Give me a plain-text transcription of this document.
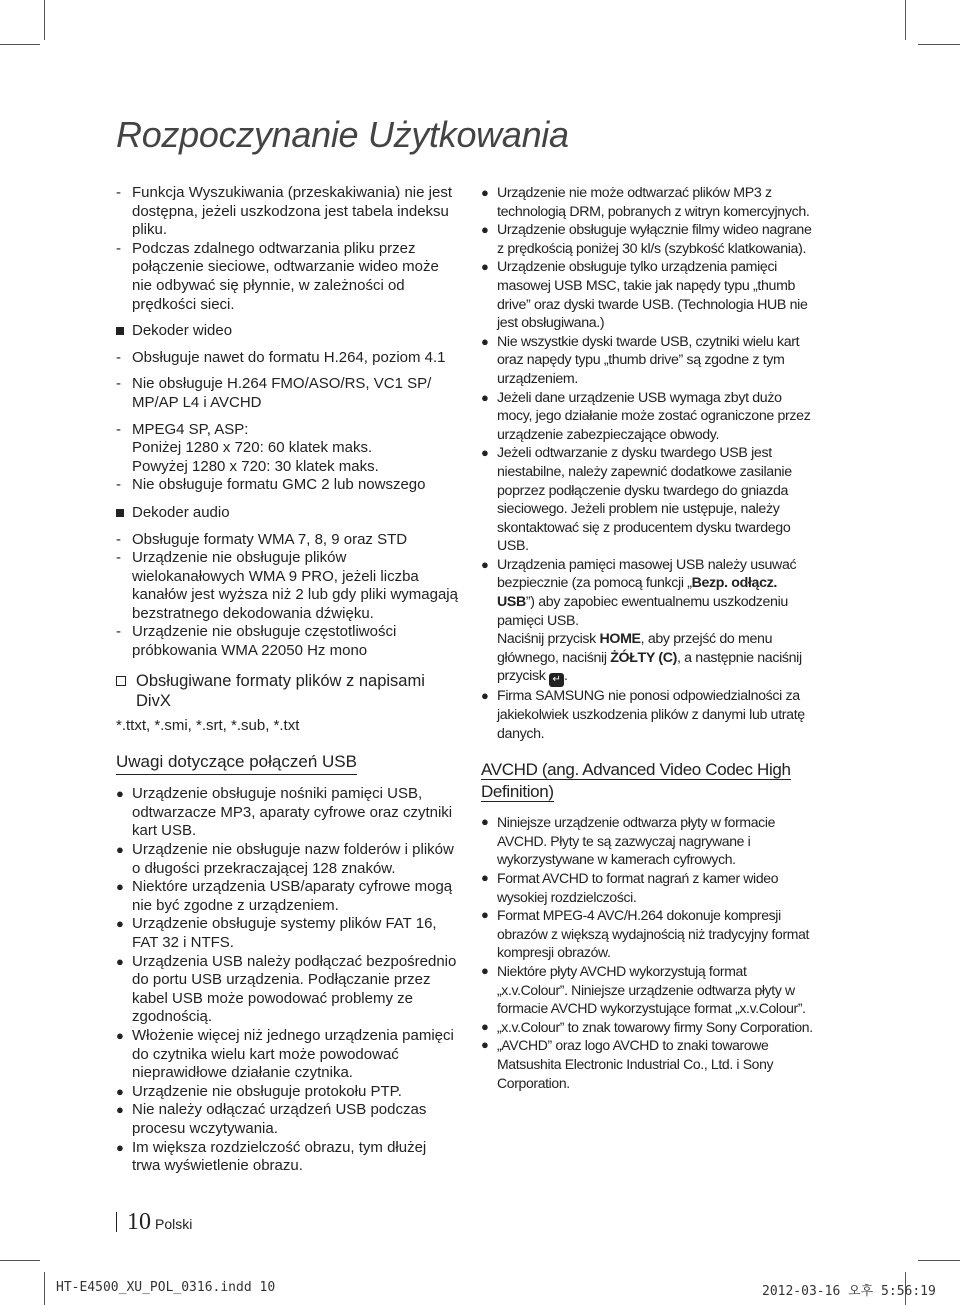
Rozpoczynanie Użytkowania
- Funkcja Wyszukiwania (przeskakiwania) nie jest dostępna, jeżeli uszkodzona jest tabela indeksu pliku.
- Podczas zdalnego odtwarzania pliku przez połączenie sieciowe, odtwarzanie wideo może nie odbywać się płynnie, w zależności od prędkości sieci.
Dekoder wideo
- Obsługuje nawet do formatu H.264, poziom 4.1
- Nie obsługuje H.264 FMO/ASO/RS, VC1 SP/ MP/AP L4 i AVCHD
- MPEG4 SP, ASP:
Poniżej 1280 x 720: 60 klatek maks.
Powyżej 1280 x 720: 30 klatek maks.
- Nie obsługuje formatu GMC 2 lub nowszego
Dekoder audio
- Obsługuje formaty WMA 7, 8, 9 oraz STD
- Urządzenie nie obsługuje plików wielokanałowych WMA 9 PRO, jeżeli liczba kanałów jest wyższa niż 2 lub gdy pliki wymagają bezstratnego dekodowania dźwięku.
- Urządzenie nie obsługuje częstotliwości próbkowania WMA 22050 Hz mono
Obsługiwane formaty plików z napisami DivX
*.ttxt, *.smi, *.srt, *.sub, *.txt
Uwagi dotyczące połączeń USB
● Urządzenie obsługuje nośniki pamięci USB, odtwarzacze MP3, aparaty cyfrowe oraz czytniki kart USB.
● Urządzenie nie obsługuje nazw folderów i plików o długości przekraczającej 128 znaków.
● Niektóre urządzenia USB/aparaty cyfrowe mogą nie być zgodne z urządzeniem.
● Urządzenie obsługuje systemy plików FAT 16, FAT 32 i NTFS.
● Urządzenia USB należy podłączać bezpośrednio do portu USB urządzenia. Podłączanie przez kabel USB może powodować problemy ze zgodnością.
● Włożenie więcej niż jednego urządzenia pamięci do czytnika wielu kart może powodować nieprawidłowe działanie czytnika.
● Urządzenie nie obsługuje protokołu PTP.
● Nie należy odłączać urządzeń USB podczas procesu wczytywania.
● Im większa rozdzielczość obrazu, tym dłużej trwa wyświetlenie obrazu.
● Urządzenie nie może odtwarzać plików MP3 z technologią DRM, pobranych z witryn komercyjnych.
● Urządzenie obsługuje wyłącznie filmy wideo nagrane z prędkością poniżej 30 kl/s (szybkość klatkowania).
● Urządzenie obsługuje tylko urządzenia pamięci masowej USB MSC, takie jak napędy typu „thumb drive” oraz dyski twarde USB. (Technologia HUB nie jest obsługiwana.)
● Nie wszystkie dyski twarde USB, czytniki wielu kart oraz napędy typu „thumb drive” są zgodne z tym urządzeniem.
● Jeżeli dane urządzenie USB wymaga zbyt dużo mocy, jego działanie może zostać ograniczone przez urządzenie zabezpieczające obwody.
● Jeżeli odtwarzanie z dysku twardego USB jest niestabilne, należy zapewnić dodatkowe zasilanie poprzez podłączenie dysku twardego do gniazda sieciowego. Jeżeli problem nie ustępuje, należy skontaktować się z producentem dysku twardego USB.
● Urządzenia pamięci masowej USB należy usuwać bezpiecznie (za pomocą funkcji „Bezp. odłącz. USB”) aby zapobiec ewentualnemu uszkodzeniu pamięci USB.
Naciśnij przycisk HOME, aby przejść do menu głównego, naciśnij ŻÓŁTY (C), a następnie naciśnij przycisk ↵ .
● Firma SAMSUNG nie ponosi odpowiedzialności za jakiekolwiek uszkodzenia plików z danymi lub utratę danych.
AVCHD (ang. Advanced Video Codec High Definition)
● Niniejsze urządzenie odtwarza płyty w formacie AVCHD. Płyty te są zazwyczaj nagrywane i wykorzystywane w kamerach cyfrowych.
● Format AVCHD to format nagrań z kamer wideo wysokiej rozdzielczości.
● Format MPEG-4 AVC/H.264 dokonuje kompresji obrazów z większą wydajnością niż tradycyjny format kompresji obrazów.
● Niektóre płyty AVCHD wykorzystują format „x.v.Colour”. Niniejsze urządzenie odtwarza płyty w formacie AVCHD wykorzystujące format „x.v.Colour”.
● „x.v.Colour” to znak towarowy firmy Sony Corporation.
● „AVCHD” oraz logo AVCHD to znaki towarowe Matsushita Electronic Industrial Co., Ltd. i Sony Corporation.
10 Polski
HT-E4500_XU_POL_0316.indd 10	2012-03-16 오후 5:56:19
